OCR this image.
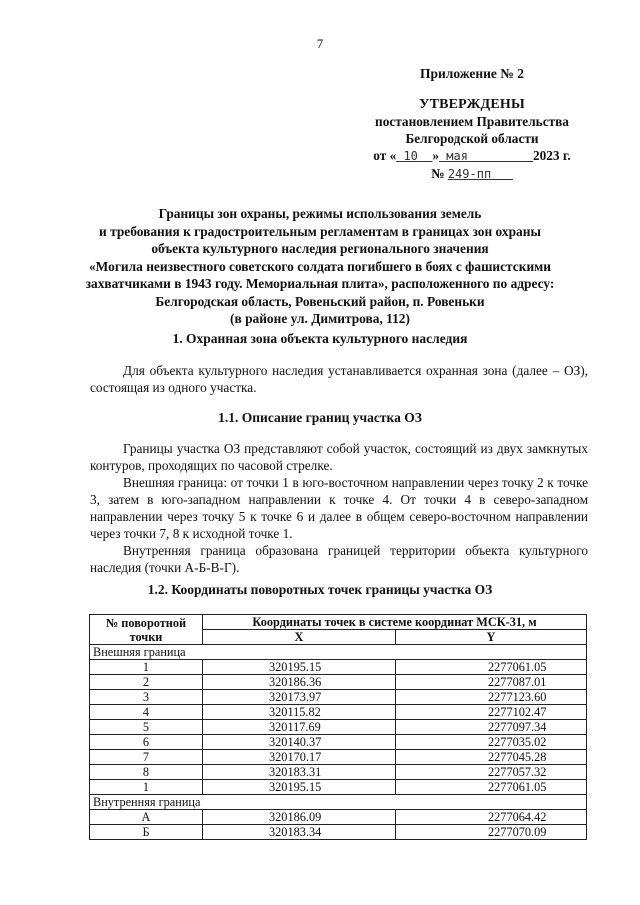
7
Приложение № 2
УТВЕРЖДЕНЫ
постановлением Правительства
Белгородской области
от « 10 » мая	2023 г.
№ 249-пп
Границы зон охраны, режимы использования земель
и требования к градостроительным регламентам в границах зон охраны
объекта культурного наследия регионального значения
«Могила неизвестного советского солдата погибшего в боях с фашистскими
захватчиками в 1943 году. Мемориальная плита», расположенного по адресу:
Белгородская область, Ровеньский район, п. Ровеньки
(в районе ул. Димитрова, 112)
1. Охранная зона объекта культурного наследия
Для объекта культурного наследия устанавливается охранная зона (далее – ОЗ), состоящая из одного участка.
1.1. Описание границ участка ОЗ
Границы участка ОЗ представляют собой участок, состоящий из двух замкнутых контуров, проходящих по часовой стрелке.
Внешняя граница: от точки 1 в юго-восточном направлении через точку 2 к точке 3, затем в юго-западном направлении к точке 4. От точки 4 в северо-западном направлении через точку 5 к точке 6 и далее в общем северо-восточном направлении через точки 7, 8 к исходной точке 1.
Внутренняя граница образована границей территории объекта культурного наследия (точки А-Б-В-Г).
1.2. Координаты поворотных точек границы участка ОЗ
№ поворотной точки	Координаты точек в системе координат МСК-31, м	
	X	Y
Внешняя граница		
1	320195.15	2277061.05
2	320186.36	2277087.01
3	320173.97	2277123.60
4	320115.82	2277102.47
5	320117.69	2277097.34
6	320140.37	2277035.02
7	320170.17	2277045.28
8	320183.31	2277057.32
1	320195.15	2277061.05
Внутренняя граница		
А	320186.09	2277064.42
Б	320183.34	2277070.09
